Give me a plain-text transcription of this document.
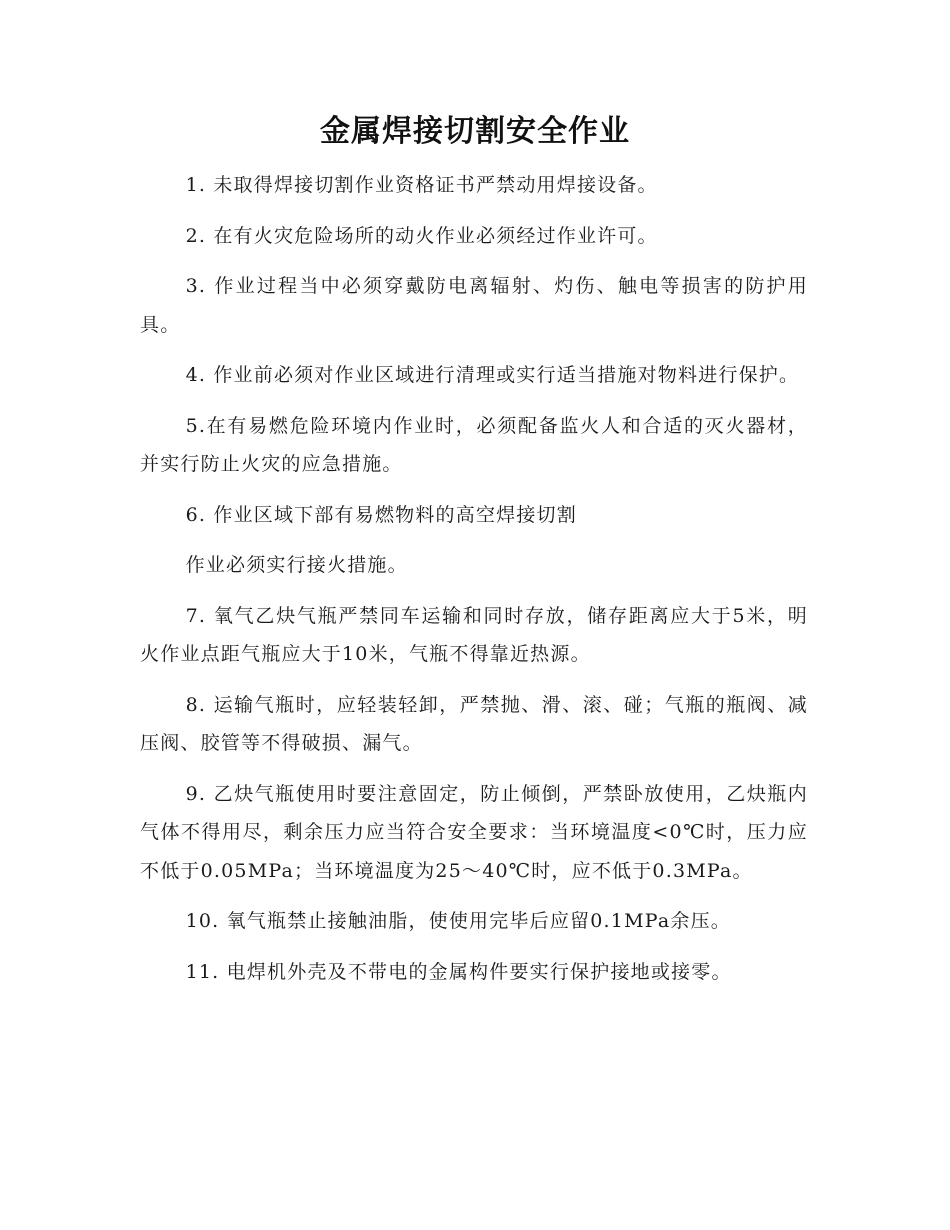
金属焊接切割安全作业

1. 未取得焊接切割作业资格证书严禁动用焊接设备。

2. 在有火灾危险场所的动火作业必须经过作业许可。

3. 作业过程当中必须穿戴防电离辐射、灼伤、触电等损害的防护用具。

4. 作业前必须对作业区域进行清理或实行适当措施对物料进行保护。

5.在有易燃危险环境内作业时，必须配备监火人和合适的灭火器材，并实行防止火灾的应急措施。

6. 作业区域下部有易燃物料的高空焊接切割

作业必须实行接火措施。

7. 氧气乙炔气瓶严禁同车运输和同时存放，储存距离应大于5米，明火作业点距气瓶应大于10米，气瓶不得靠近热源。

8. 运输气瓶时，应轻装轻卸，严禁抛、滑、滚、碰；气瓶的瓶阀、减压阀、胶管等不得破损、漏气。

9. 乙炔气瓶使用时要注意固定，防止倾倒，严禁卧放使用，乙炔瓶内气体不得用尽，剩余压力应当符合安全要求：当环境温度<0℃时，压力应不低于0.05MPa；当环境温度为25～40℃时，应不低于0.3MPa。

10. 氧气瓶禁止接触油脂，使使用完毕后应留0.1MPa余压。

11. 电焊机外壳及不带电的金属构件要实行保护接地或接零。
